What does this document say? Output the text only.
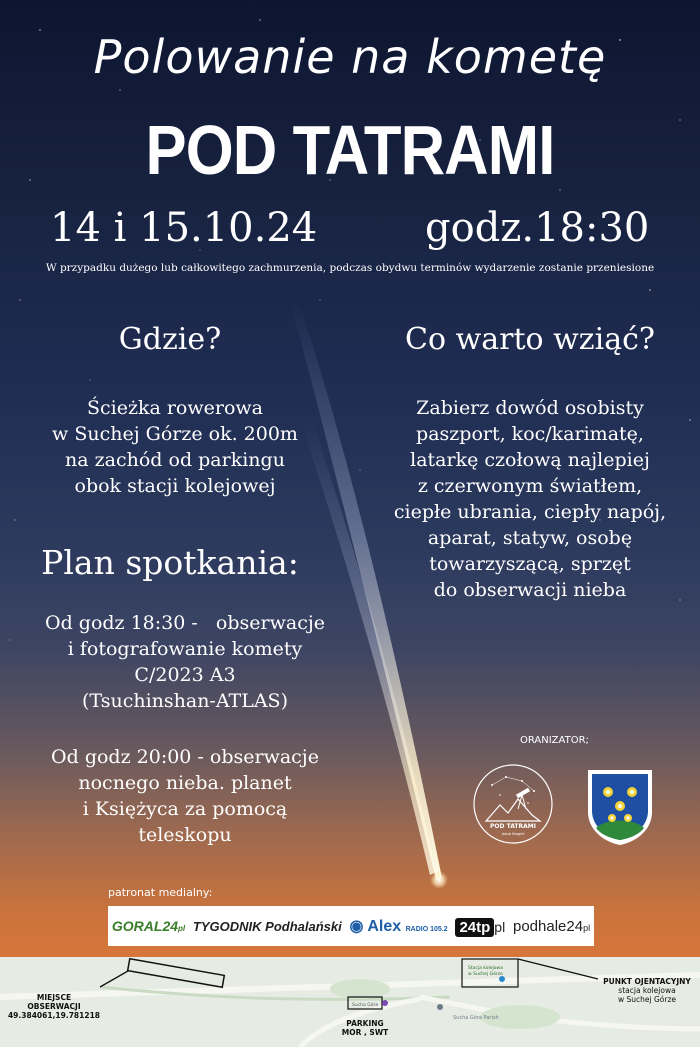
Polowanie na kometę
POD TATRAMI
14 i 15.10.24	godz.18:30
W przypadku dużego lub całkowitego zachmurzenia, podczas obydwu terminów wydarzenie zostanie przeniesione
Gdzie?
Ścieżka rowerowa
w Suchej Górze ok. 200m
na zachód od parkingu
obok stacji kolejowej
Co warto wziąć?
Zabierz dowód osobisty
paszport, koc/karimatę,
latarkę czołową najlepiej
z czerwonym światłem,
ciepłe ubrania, ciepły napój,
aparat, statyw, osobę
towarzyszącą, sprzęt
do obserwacji nieba
Plan spotkania:
Od godz 18:30 -   obserwacje
i fotografowanie komety
C/2023 A3
(Tsuchinshan-ATLAS)
Od godz 20:00 - obserwacje
nocnego nieba. planet
i Księżyca za pomocą
teleskopu
ORANIZATOR;
POD TATRAMI
Jakub Brogiel
patronat medialny:
GORAL24pl TYGODNIK Podhalański ◉ Alex RADIO 105.2 24tp pl podhale24pl
Sucha Góra Parish
Sucha Góra
Stacja kolejowa
w Suchej Górze
MIEJSCE
OBSERWACJI
49.384061,19.781218
PUNKT OJENTACYJNY
stacja kolejowa
w Suchej Górze
PARKING
MOR , SWT
